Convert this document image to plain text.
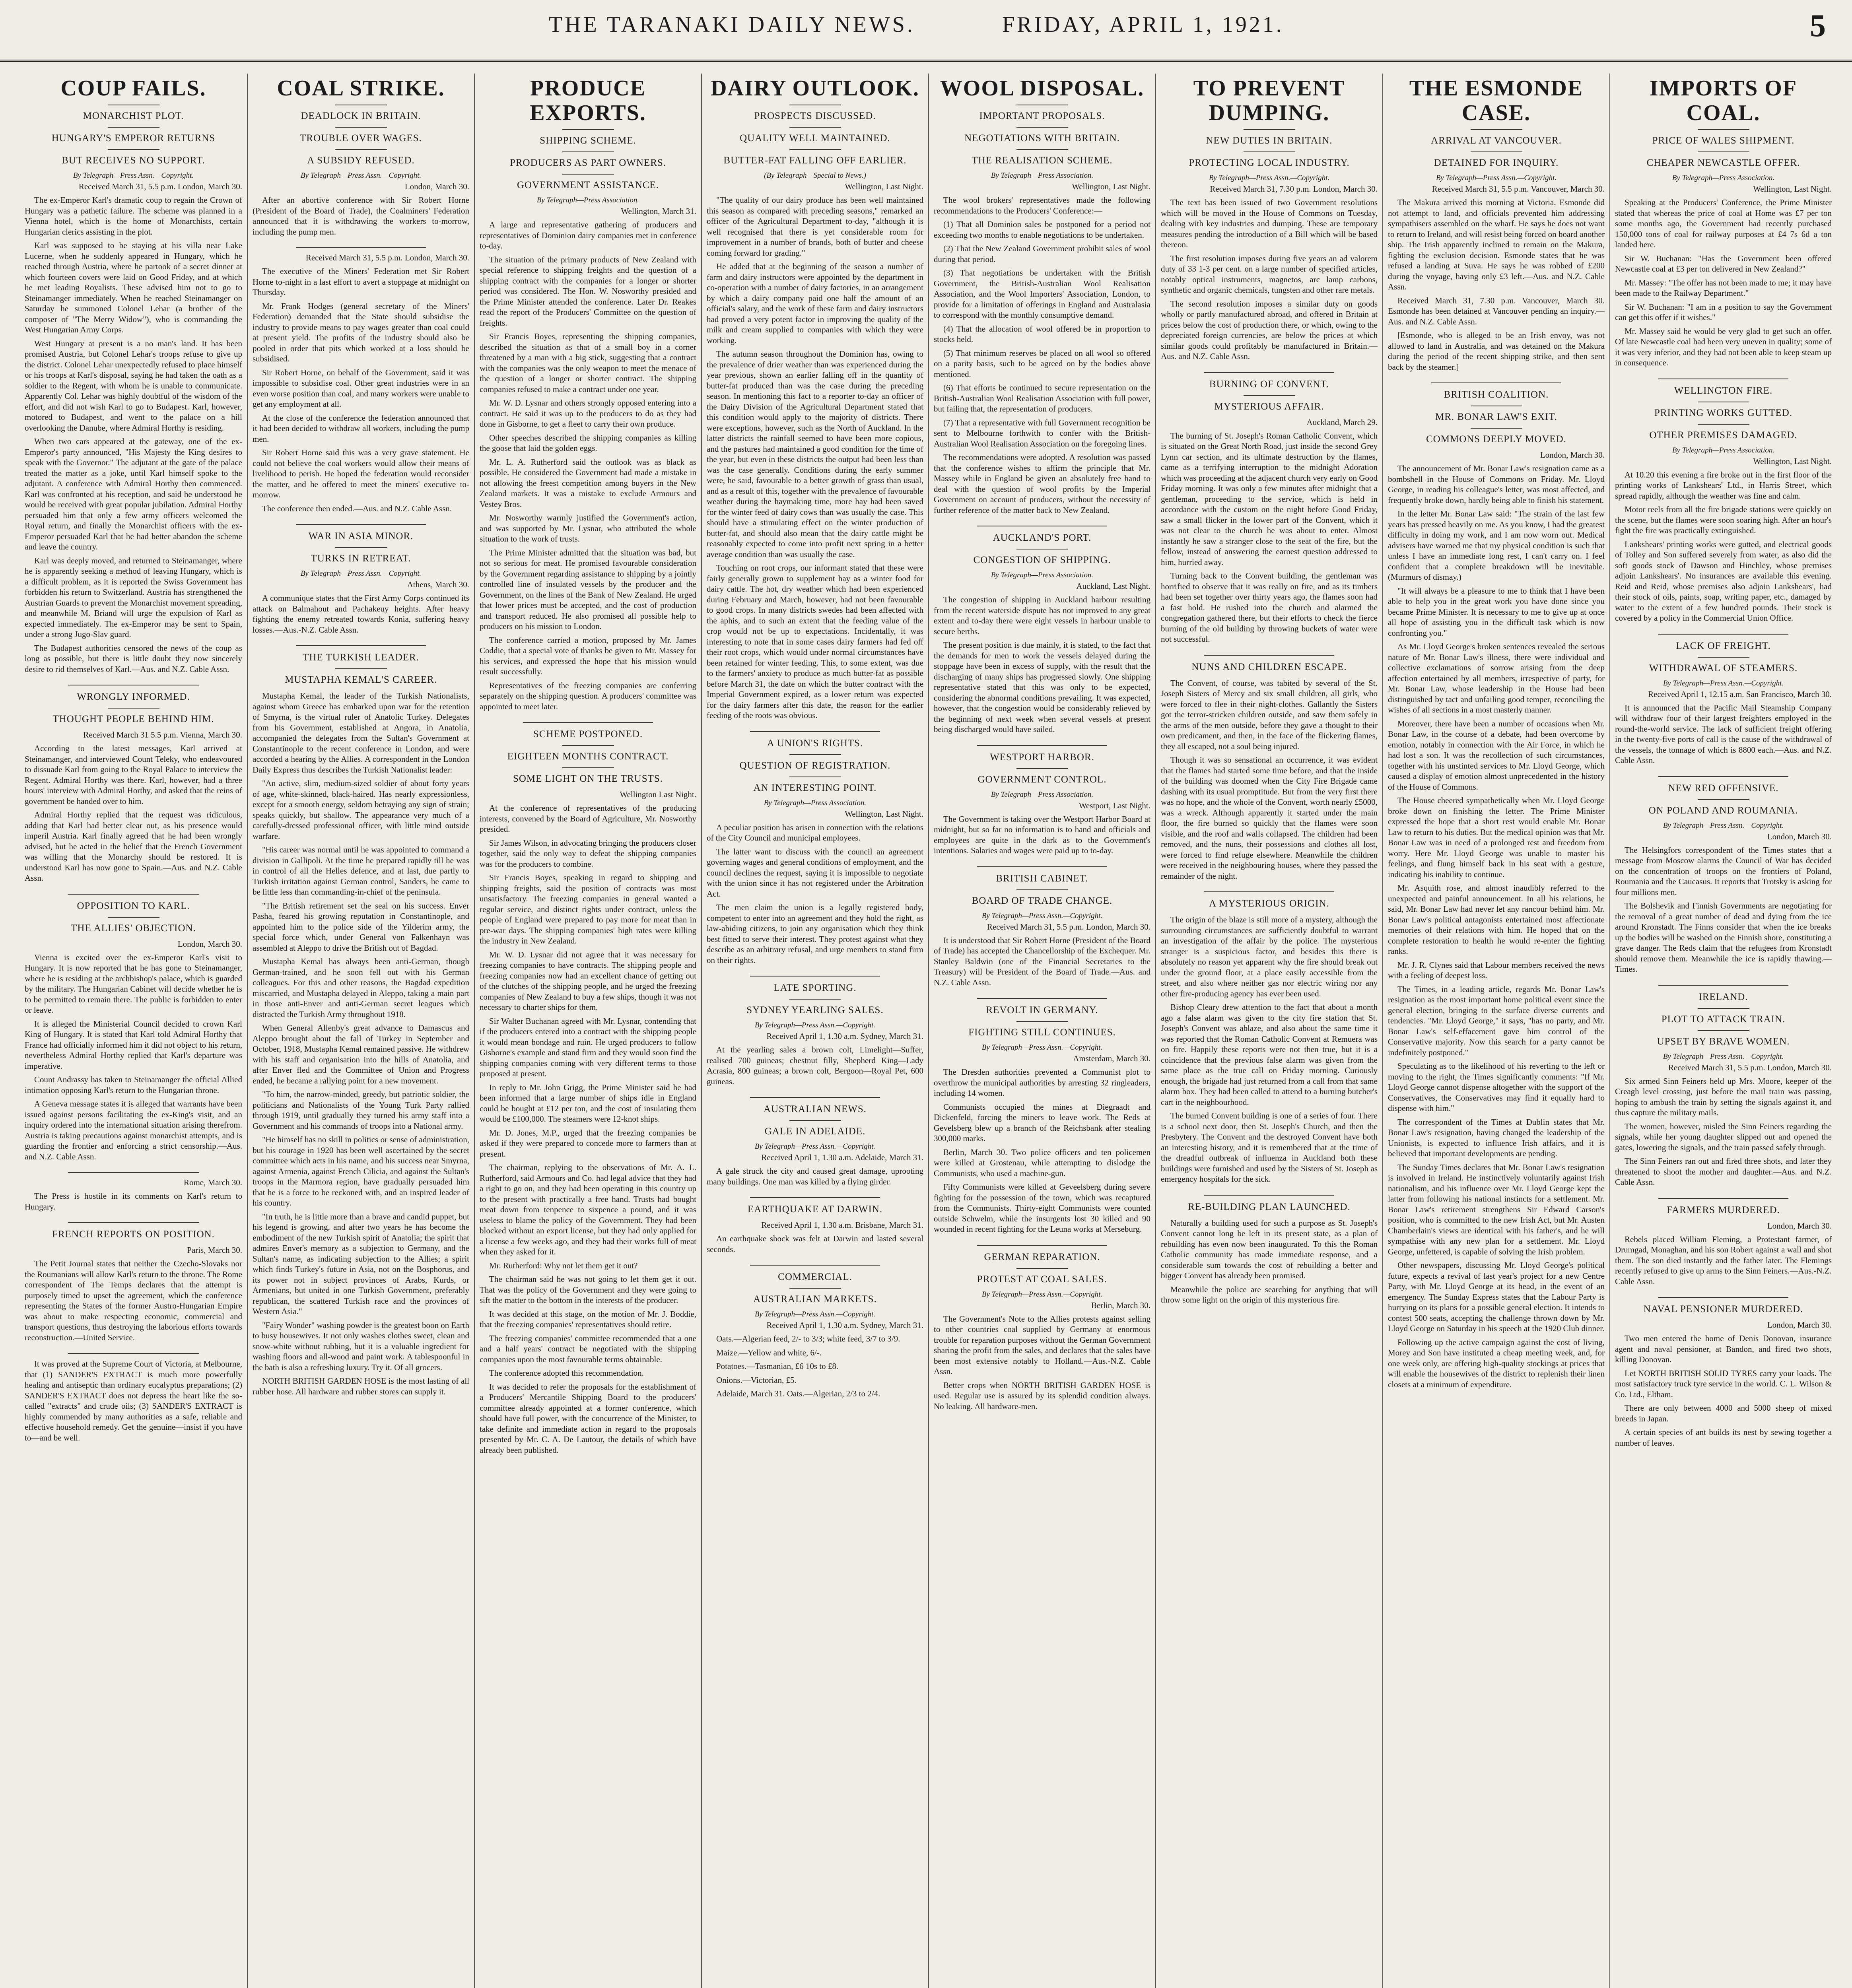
THE TARANAKI DAILY NEWS.	FRIDAY, APRIL 1, 1921.	5
COUP FAILS.
MONARCHIST PLOT.
HUNGARY'S EMPEROR RETURNS
BUT RECEIVES NO SUPPORT.
By Telegraph—Press Assn.—Copyright.
Received March 31, 5.5 p.m. London, March 30.

The ex-Emperor Karl's dramatic coup to regain the Crown of Hungary was a pathetic failure. The scheme was planned in a Vienna hotel, which is the home of Monarchists, certain Hungarian clerics assisting in the plot.

Karl was supposed to be staying at his villa near Lake Lucerne, when he suddenly appeared in Hungary, which he reached through Austria, where he partook of a secret dinner at which fourteen covers were laid on Good Friday, and at which he met leading Royalists. These advised him not to go to Steinamanger immediately. When he reached Steinamanger on Saturday he summoned Colonel Lehar (a brother of the composer of "The Merry Widow"), who is commanding the West Hungarian Army Corps.

West Hungary at present is a no man's land. It has been promised Austria, but Colonel Lehar's troops refuse to give up the district. Colonel Lehar unexpectedly refused to place himself or his troops at Karl's disposal, saying he had taken the oath as a soldier to the Regent, with whom he is unable to communicate. Apparently Col. Lehar was highly doubtful of the wisdom of the effort, and did not wish Karl to go to Budapest. Karl, however, motored to Budapest, and went to the palace on a hill overlooking the Danube, where Admiral Horthy is residing.

When two cars appeared at the gateway, one of the ex-Emperor's party announced, "His Majesty the King desires to speak with the Governor." The adjutant at the gate of the palace treated the matter as a joke, until Karl himself spoke to the adjutant. A conference with Admiral Horthy then commenced. Karl was confronted at his reception, and said he understood he would be received with great popular jubilation. Admiral Horthy persuaded him that only a few army officers welcomed the Royal return, and finally the Monarchist officers with the ex-Emperor persuaded Karl that he had better abandon the scheme and leave the country.

Karl was deeply moved, and returned to Steinamanger, where he is apparently seeking a method of leaving Hungary, which is a difficult problem, as it is reported the Swiss Government has forbidden his return to Switzerland. Austria has strengthened the Austrian Guards to prevent the Monarchist movement spreading, and meanwhile M. Briand will urge the expulsion of Karl as expected immediately. The ex-Emperor may be sent to Spain, under a strong Jugo-Slav guard.

The Budapest authorities censored the news of the coup as long as possible, but there is little doubt they now sincerely desire to rid themselves of Karl.—Aus. and N.Z. Cable Assn.

WRONGLY INFORMED.
THOUGHT PEOPLE BEHIND HIM.
Received March 31 5.5 p.m. Vienna, March 30.

According to the latest messages, Karl arrived at Steinamanger, and interviewed Count Teleky, who endeavoured to dissuade Karl from going to the Royal Palace to interview the Regent. Admiral Horthy was there. Karl, however, had a three hours' interview with Admiral Horthy, and asked that the reins of government be handed over to him.

Admiral Horthy replied that the request was ridiculous, adding that Karl had better clear out, as his presence would imperil Austria. Karl finally agreed that he had been wrongly advised, but he acted in the belief that the French Government was willing that the Monarchy should be restored. It is understood Karl has now gone to Spain.—Aus. and N.Z. Cable Assn.

OPPOSITION TO KARL.
THE ALLIES' OBJECTION.
London, March 30.

Vienna is excited over the ex-Emperor Karl's visit to Hungary. It is now reported that he has gone to Steinamanger, where he is residing at the archbishop's palace, which is guarded by the military. The Hungarian Cabinet will decide whether he is to be permitted to remain there. The public is forbidden to enter or leave.

It is alleged the Ministerial Council decided to crown Karl King of Hungary. It is stated that Karl told Admiral Horthy that France had officially informed him it did not object to his return, nevertheless Admiral Horthy replied that Karl's departure was imperative.

Count Andrassy has taken to Steinamanger the official Allied intimation opposing Karl's return to the Hungarian throne.

A Geneva message states it is alleged that warrants have been issued against persons facilitating the ex-King's visit, and an inquiry ordered into the international situation arising therefrom. Austria is taking precautions against monarchist attempts, and is guarding the frontier and enforcing a strict censorship.—Aus. and N.Z. Cable Assn.

Rome, March 30.

The Press is hostile in its comments on Karl's return to Hungary.

FRENCH REPORTS ON POSITION.
Paris, March 30.

The Petit Journal states that neither the Czecho-Slovaks nor the Roumanians will allow Karl's return to the throne. The Rome correspondent of The Temps declares that the attempt is purposely timed to upset the agreement, which the conference representing the States of the former Austro-Hungarian Empire was about to make respecting economic, commercial and transport questions, thus destroying the laborious efforts towards reconstruction.—United Service.

It was proved at the Supreme Court of Victoria, at Melbourne, that (1) SANDER'S EXTRACT is much more powerfully healing and antiseptic than ordinary eucalyptus preparations; (2) SANDER'S EXTRACT does not depress the heart like the so-called "extracts" and crude oils; (3) SANDER'S EXTRACT is highly commended by many authorities as a safe, reliable and effective household remedy. Get the genuine—insist if you have to—and be well.

COAL STRIKE.
DEADLOCK IN BRITAIN.
TROUBLE OVER WAGES.
A SUBSIDY REFUSED.
By Telegraph—Press Assn.—Copyright.
London, March 30.

After an abortive conference with Sir Robert Horne (President of the Board of Trade), the Coalminers' Federation announced that it is withdrawing the workers to-morrow, including the pump men.

Received March 31, 5.5 p.m. London, March 30.

The executive of the Miners' Federation met Sir Robert Horne to-night in a last effort to avert a stoppage at midnight on Thursday.

Mr. Frank Hodges (general secretary of the Miners' Federation) demanded that the State should subsidise the industry to provide means to pay wages greater than coal could at present yield. The profits of the industry should also be pooled in order that pits which worked at a loss should be subsidised.

Sir Robert Horne, on behalf of the Government, said it was impossible to subsidise coal. Other great industries were in an even worse position than coal, and many workers were unable to get any employment at all.

At the close of the conference the federation announced that it had been decided to withdraw all workers, including the pump men.

Sir Robert Horne said this was a very grave statement. He could not believe the coal workers would allow their means of livelihood to perish. He hoped the federation would reconsider the matter, and he offered to meet the miners' executive to-morrow.

The conference then ended.—Aus. and N.Z. Cable Assn.

WAR IN ASIA MINOR.
TURKS IN RETREAT.
By Telegraph—Press Assn.—Copyright.
Athens, March 30.

A communique states that the First Army Corps continued its attack on Balmahout and Pachakeuy heights. After heavy fighting the enemy retreated towards Konia, suffering heavy losses.—Aus.-N.Z. Cable Assn.

THE TURKISH LEADER.
MUSTAPHA KEMAL'S CAREER.

Mustapha Kemal, the leader of the Turkish Nationalists, against whom Greece has embarked upon war for the retention of Smyrna, is the virtual ruler of Anatolic Turkey. Delegates from his Government, established at Angora, in Anatolia, accompanied the delegates from the Sultan's Government at Constantinople to the recent conference in London, and were accorded a hearing by the Allies. A correspondent in the London Daily Express thus describes the Turkish Nationalist leader:

"An active, slim, medium-sized soldier of about forty years of age, white-skinned, black-haired. Has nearly expressionless, except for a smooth energy, seldom betraying any sign of strain; speaks quickly, but shallow. The appearance very much of a carefully-dressed professional officer, with little mind outside warfare.

"His career was normal until he was appointed to command a division in Gallipoli. At the time he prepared rapidly till he was in control of all the Helles defence, and at last, due partly to Turkish irritation against German control, Sanders, he came to be little less than commanding-in-chief of the peninsula.

"The British retirement set the seal on his success. Enver Pasha, feared his growing reputation in Constantinople, and appointed him to the police side of the Yilderim army, the special force which, under General von Falkenhayn was assembled at Aleppo to drive the British out of Bagdad.

Mustapha Kemal has always been anti-German, though German-trained, and he soon fell out with his German colleagues. For this and other reasons, the Bagdad expedition miscarried, and Mustapha delayed in Aleppo, taking a main part in those anti-Enver and anti-German secret leagues which distracted the Turkish Army throughout 1918.

When General Allenby's great advance to Damascus and Aleppo brought about the fall of Turkey in September and October, 1918, Mustapha Kemal remained passive. He withdrew with his staff and organisation into the hills of Anatolia, and after Enver fled and the Committee of Union and Progress ended, he became a rallying point for a new movement.

"To him, the narrow-minded, greedy, but patriotic soldier, the politicians and Nationalists of the Young Turk Party rallied through 1919, until gradually they turned his army staff into a Government and his commands of troops into a National army.

"He himself has no skill in politics or sense of administration, but his courage in 1920 has been well ascertained by the secret committee which acts in his name, and his success near Smyrna, against Armenia, against French Cilicia, and against the Sultan's troops in the Marmora region, have gradually persuaded him that he is a force to be reckoned with, and an inspired leader of his country.

"In truth, he is little more than a brave and candid puppet, but his legend is growing, and after two years he has become the embodiment of the new Turkish spirit of Anatolia; the spirit that admires Enver's memory as a subjection to Germany, and the Sultan's name, as indicating subjection to the Allies; a spirit which finds Turkey's future in Asia, not on the Bosphorus, and its power not in subject provinces of Arabs, Kurds, or Armenians, but united in one Turkish Government, preferably republican, the scattered Turkish race and the provinces of Western Asia."

"Fairy Wonder" washing powder is the greatest boon on Earth to busy housewives. It not only washes clothes sweet, clean and snow-white without rubbing, but it is a valuable ingredient for washing floors and all-wood and paint work. A tablespoonful in the bath is also a refreshing luxury. Try it. Of all grocers.

NORTH BRITISH GARDEN HOSE is the most lasting of all rubber hose. All hardware and rubber stores can supply it.

PRODUCE EXPORTS.
SHIPPING SCHEME.
PRODUCERS AS PART OWNERS.
GOVERNMENT ASSISTANCE.
By Telegraph—Press Association.
Wellington, March 31.

A large and representative gathering of producers and representatives of Dominion dairy companies met in conference to-day.

The situation of the primary products of New Zealand with special reference to shipping freights and the question of a shipping contract with the companies for a longer or shorter period was considered. The Hon. W. Nosworthy presided and the Prime Minister attended the conference. Later Dr. Reakes read the report of the Producers' Committee on the question of freights.

Sir Francis Boyes, representing the shipping companies, described the situation as that of a small boy in a corner threatened by a man with a big stick, suggesting that a contract with the companies was the only weapon to meet the menace of the question of a longer or shorter contract. The shipping companies refused to make a contract under one year.

Mr. W. D. Lysnar and others strongly opposed entering into a contract. He said it was up to the producers to do as they had done in Gisborne, to get a fleet to carry their own produce.

Other speeches described the shipping companies as killing the goose that laid the golden eggs.

Mr. L. A. Rutherford said the outlook was as black as possible. He considered the Government had made a mistake in not allowing the freest competition among buyers in the New Zealand markets. It was a mistake to exclude Armours and Vestey Bros.

Mr. Nosworthy warmly justified the Government's action, and was supported by Mr. Lysnar, who attributed the whole situation to the work of trusts.

The Prime Minister admitted that the situation was bad, but not so serious for meat. He promised favourable consideration by the Government regarding assistance to shipping by a jointly controlled line of insulated vessels by the producer and the Government, on the lines of the Bank of New Zealand. He urged that lower prices must be accepted, and the cost of production and transport reduced. He also promised all possible help to producers on his mission to London.

The conference carried a motion, proposed by Mr. James Coddie, that a special vote of thanks be given to Mr. Massey for his services, and expressed the hope that his mission would result successfully.

Representatives of the freezing companies are conferring separately on the shipping question. A producers' committee was appointed to meet later.

SCHEME POSTPONED.
EIGHTEEN MONTHS CONTRACT.
SOME LIGHT ON THE TRUSTS.
Wellington Last Night.

At the conference of representatives of the producing interests, convened by the Board of Agriculture, Mr. Nosworthy presided.

Sir James Wilson, in advocating bringing the producers closer together, said the only way to defeat the shipping companies was for the producers to combine.

Sir Francis Boyes, speaking in regard to shipping and shipping freights, said the position of contracts was most unsatisfactory. The freezing companies in general wanted a regular service, and distinct rights under contract, unless the people of England were prepared to pay more for meat than in pre-war days. The shipping companies' high rates were killing the industry in New Zealand.

Mr. W. D. Lysnar did not agree that it was necessary for freezing companies to have contracts. The shipping people and freezing companies now had an excellent chance of getting out of the clutches of the shipping people, and he urged the freezing companies of New Zealand to buy a few ships, though it was not necessary to charter ships for them.

Sir Walter Buchanan agreed with Mr. Lysnar, contending that if the producers entered into a contract with the shipping people it would mean bondage and ruin. He urged producers to follow Gisborne's example and stand firm and they would soon find the shipping companies coming with very different terms to those proposed at present.

In reply to Mr. John Grigg, the Prime Minister said he had been informed that a large number of ships idle in England could be bought at £12 per ton, and the cost of insulating them would be £100,000. The steamers were 12-knot ships.

Mr. D. Jones, M.P., urged that the freezing companies be asked if they were prepared to concede more to farmers than at present.

The chairman, replying to the observations of Mr. A. L. Rutherford, said Armours and Co. had legal advice that they had a right to go on, and they had been operating in this country up to the present with practically a free hand. Trusts had bought meat down from tenpence to sixpence a pound, and it was useless to blame the policy of the Government. They had been blocked without an export license, but they had only applied for a license a few weeks ago, and they had their works full of meat when they asked for it.

Mr. Rutherford: Why not let them get it out?

The chairman said he was not going to let them get it out. That was the policy of the Government and they were going to sift the matter to the bottom in the interests of the producer.

It was decided at this stage, on the motion of Mr. J. Boddie, that the freezing companies' representatives should retire.

The freezing companies' committee recommended that a one and a half years' contract be negotiated with the shipping companies upon the most favourable terms obtainable.

The conference adopted this recommendation.

It was decided to refer the proposals for the establishment of a Producers' Mercantile Shipping Board to the producers' committee already appointed at a former conference, which should have full power, with the concurrence of the Minister, to take definite and immediate action in regard to the proposals presented by Mr. C. A. De Lautour, the details of which have already been published.

DAIRY OUTLOOK.
PROSPECTS DISCUSSED.
QUALITY WELL MAINTAINED.
BUTTER-FAT FALLING OFF EARLIER.
(By Telegraph—Special to News.)
Wellington, Last Night.

"The quality of our dairy produce has been well maintained this season as compared with preceding seasons," remarked an officer of the Agricultural Department to-day, "although it is well recognised that there is yet considerable room for improvement in a number of brands, both of butter and cheese coming forward for grading."

He added that at the beginning of the season a number of farm and dairy instructors were appointed by the department in co-operation with a number of dairy factories, in an arrangement by which a dairy company paid one half the amount of an official's salary, and the work of these farm and dairy instructors had proved a very potent factor in improving the quality of the milk and cream supplied to companies with which they were working.

The autumn season throughout the Dominion has, owing to the prevalence of drier weather than was experienced during the year previous, shown an earlier falling off in the quantity of butter-fat produced than was the case during the preceding season. In mentioning this fact to a reporter to-day an officer of the Dairy Division of the Agricultural Department stated that this condition would apply to the majority of districts. There were exceptions, however, such as the North of Auckland. In the latter districts the rainfall seemed to have been more copious, and the pastures had maintained a good condition for the time of the year, but even in these districts the output had been less than was the case generally. Conditions during the early summer were, he said, favourable to a better growth of grass than usual, and as a result of this, together with the prevalence of favourable weather during the haymaking time, more hay had been saved for the winter feed of dairy cows than was usually the case. This should have a stimulating effect on the winter production of butter-fat, and should also mean that the dairy cattle might be reasonably expected to come into profit next spring in a better average condition than was usually the case.

Touching on root crops, our informant stated that these were fairly generally grown to supplement hay as a winter food for dairy cattle. The hot, dry weather which had been experienced during February and March, however, had not been favourable to good crops. In many districts swedes had been affected with the aphis, and to such an extent that the feeding value of the crop would not be up to expectations. Incidentally, it was interesting to note that in some cases dairy farmers had fed off their root crops, which would under normal circumstances have been retained for winter feeding. This, to some extent, was due to the farmers' anxiety to produce as much butter-fat as possible before March 31, the date on which the butter contract with the Imperial Government expired, as a lower return was expected for the dairy farmers after this date, the reason for the earlier feeding of the roots was obvious.

A UNION'S RIGHTS.
QUESTION OF REGISTRATION.
AN INTERESTING POINT.
By Telegraph—Press Association.
Wellington, Last Night.

A peculiar position has arisen in connection with the relations of the City Council and municipal employees.

The latter want to discuss with the council an agreement governing wages and general conditions of employment, and the council declines the request, saying it is impossible to negotiate with the union since it has not registered under the Arbitration Act.

The men claim the union is a legally registered body, competent to enter into an agreement and they hold the right, as law-abiding citizens, to join any organisation which they think best fitted to serve their interest. They protest against what they describe as an arbitrary refusal, and urge members to stand firm on their rights.

LATE SPORTING.
SYDNEY YEARLING SALES.
By Telegraph—Press Assn.—Copyright.
Received April 1, 1.30 a.m. Sydney, March 31.

At the yearling sales a brown colt, Limelight—Suffer, realised 700 guineas; chestnut filly, Shepherd King—Lady Acrasia, 800 guineas; a brown colt, Bergoon—Royal Pet, 600 guineas.

AUSTRALIAN NEWS.
GALE IN ADELAIDE.
By Telegraph—Press Assn.—Copyright.
Received April 1, 1.30 a.m. Adelaide, March 31.

A gale struck the city and caused great damage, uprooting many buildings. One man was killed by a flying girder.

EARTHQUAKE AT DARWIN.
Received April 1, 1.30 a.m. Brisbane, March 31.

An earthquake shock was felt at Darwin and lasted several seconds.

COMMERCIAL.
AUSTRALIAN MARKETS.
By Telegraph—Press Assn.—Copyright.
Received April 1, 1.30 a.m. Sydney, March 31.

Oats.—Algerian feed, 2/- to 3/3; white feed, 3/7 to 3/9.

Maize.—Yellow and white, 6/-.

Potatoes.—Tasmanian, £6 10s to £8.

Onions.—Victorian, £5.

Adelaide, March 31. Oats.—Algerian, 2/3 to 2/4.

WOOL DISPOSAL.
IMPORTANT PROPOSALS.
NEGOTIATIONS WITH BRITAIN.
THE REALISATION SCHEME.
By Telegraph—Press Association.
Wellington, Last Night.

The wool brokers' representatives made the following recommendations to the Producers' Conference:—

(1) That all Dominion sales be postponed for a period not exceeding two months to enable negotiations to be undertaken.

(2) That the New Zealand Government prohibit sales of wool during that period.

(3) That negotiations be undertaken with the British Government, the British-Australian Wool Realisation Association, and the Wool Importers' Association, London, to provide for a limitation of offerings in England and Australasia to correspond with the monthly consumptive demand.

(4) That the allocation of wool offered be in proportion to stocks held.

(5) That minimum reserves be placed on all wool so offered on a parity basis, such to be agreed on by the bodies above mentioned.

(6) That efforts be continued to secure representation on the British-Australian Wool Realisation Association with full power, but failing that, the representation of producers.

(7) That a representative with full Government recognition be sent to Melbourne forthwith to confer with the British-Australian Wool Realisation Association on the foregoing lines.

The recommendations were adopted. A resolution was passed that the conference wishes to affirm the principle that Mr. Massey while in England be given an absolutely free hand to deal with the question of wool profits by the Imperial Government on account of producers, without the necessity of further reference of the matter back to New Zealand.

AUCKLAND'S PORT.
CONGESTION OF SHIPPING.
By Telegraph—Press Association.
Auckland, Last Night.

The congestion of shipping in Auckland harbour resulting from the recent waterside dispute has not improved to any great extent and to-day there were eight vessels in harbour unable to secure berths.

The present position is due mainly, it is stated, to the fact that the demands for men to work the vessels delayed during the stoppage have been in excess of supply, with the result that the discharging of many ships has progressed slowly. One shipping representative stated that this was only to be expected, considering the abnormal conditions prevailing. It was expected, however, that the congestion would be considerably relieved by the beginning of next week when several vessels at present being discharged would have sailed.

WESTPORT HARBOR.
GOVERNMENT CONTROL.
By Telegraph—Press Association.
Westport, Last Night.

The Government is taking over the Westport Harbor Board at midnight, but so far no information is to hand and officials and employees are quite in the dark as to the Government's intentions. Salaries and wages were paid up to to-day.

BRITISH CABINET.
BOARD OF TRADE CHANGE.
By Telegraph—Press Assn.—Copyright.
Received March 31, 5.5 p.m. London, March 30.

It is understood that Sir Robert Horne (President of the Board of Trade) has accepted the Chancellorship of the Exchequer. Mr. Stanley Baldwin (one of the Financial Secretaries to the Treasury) will be President of the Board of Trade.—Aus. and N.Z. Cable Assn.

REVOLT IN GERMANY.
FIGHTING STILL CONTINUES.
By Telegraph—Press Assn.—Copyright.
Amsterdam, March 30.

The Dresden authorities prevented a Communist plot to overthrow the municipal authorities by arresting 32 ringleaders, including 14 women.

Communists occupied the mines at Diegraadt and Dickenfeld, forcing the miners to leave work. The Reds at Gevelsberg blew up a branch of the Reichsbank after stealing 300,000 marks.

Berlin, March 30. Two police officers and ten policemen were killed at Grostenau, while attempting to dislodge the Communists, who used a machine-gun.

Fifty Communists were killed at Geveelsberg during severe fighting for the possession of the town, which was recaptured from the Communists. Thirty-eight Communists were counted outside Schwelm, while the insurgents lost 30 killed and 90 wounded in recent fighting for the Leuna works at Merseburg.

GERMAN REPARATION.
PROTEST AT COAL SALES.
By Telegraph—Press Assn.—Copyright.
Berlin, March 30.

The Government's Note to the Allies protests against selling to other countries coal supplied by Germany at enormous trouble for reparation purposes without the German Government sharing the profit from the sales, and declares that the sales have been most extensive notably to Holland.—Aus.-N.Z. Cable Assn.

Better crops when NORTH BRITISH GARDEN HOSE is used. Regular use is assured by its splendid condition always. No leaking. All hardware-men.

TO PREVENT DUMPING.
NEW DUTIES IN BRITAIN.
PROTECTING LOCAL INDUSTRY.
By Telegraph—Press Assn.—Copyright.
Received March 31, 7.30 p.m. London, March 30.

The text has been issued of two Government resolutions which will be moved in the House of Commons on Tuesday, dealing with key industries and dumping. These are temporary measures pending the introduction of a Bill which will be based thereon.

The first resolution imposes during five years an ad valorem duty of 33 1-3 per cent. on a large number of specified articles, notably optical instruments, magnetos, arc lamp carbons, synthetic and organic chemicals, tungsten and other rare metals.

The second resolution imposes a similar duty on goods wholly or partly manufactured abroad, and offered in Britain at prices below the cost of production there, or which, owing to the depreciated foreign currencies, are below the prices at which similar goods could profitably be manufactured in Britain.—Aus. and N.Z. Cable Assn.

BURNING OF CONVENT.
MYSTERIOUS AFFAIR.
Auckland, March 29.

The burning of St. Joseph's Roman Catholic Convent, which is situated on the Great North Road, just inside the second Grey Lynn car section, and its ultimate destruction by the flames, came as a terrifying interruption to the midnight Adoration which was proceeding at the adjacent church very early on Good Friday morning. It was only a few minutes after midnight that a gentleman, proceeding to the service, which is held in accordance with the custom on the night before Good Friday, saw a small flicker in the lower part of the Convent, which it was not clear to the church he was about to enter. Almost instantly he saw a stranger close to the seat of the fire, but the fellow, instead of answering the earnest question addressed to him, hurried away.

Turning back to the Convent building, the gentleman was horrified to observe that it was really on fire, and as its timbers had been set together over thirty years ago, the flames soon had a fast hold. He rushed into the church and alarmed the congregation gathered there, but their efforts to check the fierce burning of the old building by throwing buckets of water were not successful.

NUNS AND CHILDREN ESCAPE.

The Convent, of course, was tabited by several of the St. Joseph Sisters of Mercy and six small children, all girls, who were forced to flee in their night-clothes. Gallantly the Sisters got the terror-stricken children outside, and saw them safely in the arms of the men outside, before they gave a thought to their own predicament, and then, in the face of the flickering flames, they all escaped, not a soul being injured.

Though it was so sensational an occurrence, it was evident that the flames had started some time before, and that the inside of the building was doomed when the City Fire Brigade came dashing with its usual promptitude. But from the very first there was no hope, and the whole of the Convent, worth nearly £5000, was a wreck. Although apparently it started under the main floor, the fire burned so quickly that the flames were soon visible, and the roof and walls collapsed. The children had been removed, and the nuns, their possessions and clothes all lost, were forced to find refuge elsewhere. Meanwhile the children were received in the neighbouring houses, where they passed the remainder of the night.

A MYSTERIOUS ORIGIN.

The origin of the blaze is still more of a mystery, although the surrounding circumstances are sufficiently doubtful to warrant an investigation of the affair by the police. The mysterious stranger is a suspicious factor, and besides this there is absolutely no reason yet apparent why the fire should break out under the ground floor, at a place easily accessible from the street, and also where neither gas nor electric wiring nor any other fire-producing agency has ever been used.

Bishop Cleary drew attention to the fact that about a month ago a false alarm was given to the city fire station that St. Joseph's Convent was ablaze, and also about the same time it was reported that the Roman Catholic Convent at Remuera was on fire. Happily these reports were not then true, but it is a coincidence that the previous false alarm was given from the same place as the true call on Friday morning. Curiously enough, the brigade had just returned from a call from that same alarm box. They had been called to attend to a burning butcher's cart in the neighbourhood.

The burned Convent building is one of a series of four. There is a school next door, then St. Joseph's Church, and then the Presbytery. The Convent and the destroyed Convent have both an interesting history, and it is remembered that at the time of the dreadful outbreak of influenza in Auckland both these buildings were furnished and used by the Sisters of St. Joseph as emergency hospitals for the sick.

RE-BUILDING PLAN LAUNCHED.

Naturally a building used for such a purpose as St. Joseph's Convent cannot long be left in its present state, as a plan of rebuilding has even now been inaugurated. To this the Roman Catholic community has made immediate response, and a considerable sum towards the cost of rebuilding a better and bigger Convent has already been promised.

Meanwhile the police are searching for anything that will throw some light on the origin of this mysterious fire.

THE ESMONDE CASE.
ARRIVAL AT VANCOUVER.
DETAINED FOR INQUIRY.
By Telegraph—Press Assn.—Copyright.
Received March 31, 5.5 p.m. Vancouver, March 30.

The Makura arrived this morning at Victoria. Esmonde did not attempt to land, and officials prevented him addressing sympathisers assembled on the wharf. He says he does not want to return to Ireland, and will resist being forced on board another ship. The Irish apparently inclined to remain on the Makura, fighting the exclusion decision. Esmonde states that he was refused a landing at Suva. He says he was robbed of £200 during the voyage, having only £3 left.—Aus. and N.Z. Cable Assn.

Received March 31, 7.30 p.m. Vancouver, March 30. Esmonde has been detained at Vancouver pending an inquiry.—Aus. and N.Z. Cable Assn.

[Esmonde, who is alleged to be an Irish envoy, was not allowed to land in Australia, and was detained on the Makura during the period of the recent shipping strike, and then sent back by the steamer.]

BRITISH COALITION.
MR. BONAR LAW'S EXIT.
COMMONS DEEPLY MOVED.
London, March 30.

The announcement of Mr. Bonar Law's resignation came as a bombshell in the House of Commons on Friday. Mr. Lloyd George, in reading his colleague's letter, was most affected, and frequently broke down, hardly being able to finish his statement.

In the letter Mr. Bonar Law said: "The strain of the last few years has pressed heavily on me. As you know, I had the greatest difficulty in doing my work, and I am now worn out. Medical advisers have warned me that my physical condition is such that unless I have an immediate long rest, I can't carry on. I feel confident that a complete breakdown will be inevitable. (Murmurs of dismay.)

"It will always be a pleasure to me to think that I have been able to help you in the great work you have done since you became Prime Minister. It is necessary to me to give up at once all hope of assisting you in the difficult task which is now confronting you."

As Mr. Lloyd George's broken sentences revealed the serious nature of Mr. Bonar Law's illness, there were individual and collective exclamations of sorrow arising from the deep affection entertained by all members, irrespective of party, for Mr. Bonar Law, whose leadership in the House had been distinguished by tact and unfailing good temper, reconciling the wishes of all sections in a most masterly manner.

Moreover, there have been a number of occasions when Mr. Bonar Law, in the course of a debate, had been overcome by emotion, notably in connection with the Air Force, in which he had lost a son. It was the recollection of such circumstances, together with his unstinted services to Mr. Lloyd George, which caused a display of emotion almost unprecedented in the history of the House of Commons.

The House cheered sympathetically when Mr. Lloyd George broke down on finishing the letter. The Prime Minister expressed the hope that a short rest would enable Mr. Bonar Law to return to his duties. But the medical opinion was that Mr. Bonar Law was in need of a prolonged rest and freedom from worry. Here Mr. Lloyd George was unable to master his feelings, and flung himself back in his seat with a gesture, indicating his inability to continue.

Mr. Asquith rose, and almost inaudibly referred to the unexpected and painful announcement. In all his relations, he said, Mr. Bonar Law had never let any rancour behind him. Mr. Bonar Law's political antagonists entertained most affectionate memories of their relations with him. He hoped that on the complete restoration to health he would re-enter the fighting ranks.

Mr. J. R. Clynes said that Labour members received the news with a feeling of deepest loss.

The Times, in a leading article, regards Mr. Bonar Law's resignation as the most important home political event since the general election, bringing to the surface diverse currents and tendencies. "Mr. Lloyd George," it says, "has no party, and Mr. Bonar Law's self-effacement gave him control of the Conservative majority. Now this search for a party cannot be indefinitely postponed."

Speculating as to the likelihood of his reverting to the left or moving to the right, the Times significantly comments: "If Mr. Lloyd George cannot dispense altogether with the support of the Conservatives, the Conservatives may find it equally hard to dispense with him."

The correspondent of the Times at Dublin states that Mr. Bonar Law's resignation, having changed the leadership of the Unionists, is expected to influence Irish affairs, and it is believed that important developments are pending.

The Sunday Times declares that Mr. Bonar Law's resignation is involved in Ireland. He instinctively voluntarily against Irish nationalism, and his influence over Mr. Lloyd George kept the latter from following his national instincts for a settlement. Mr. Bonar Law's retirement strengthens Sir Edward Carson's position, who is committed to the new Irish Act, but Mr. Austen Chamberlain's views are identical with his father's, and he will sympathise with any new plan for a settlement. Mr. Lloyd George, unfettered, is capable of solving the Irish problem.

Other newspapers, discussing Mr. Lloyd George's political future, expects a revival of last year's project for a new Centre Party, with Mr. Lloyd George at its head, in the event of an emergency. The Sunday Express states that the Labour Party is hurrying on its plans for a possible general election. It intends to contest 500 seats, accepting the challenge thrown down by Mr. Lloyd George on Saturday in his speech at the 1920 Club dinner.

Following up the active campaign against the cost of living, Morey and Son have instituted a cheap meeting week, and, for one week only, are offering high-quality stockings at prices that will enable the housewives of the district to replenish their linen closets at a minimum of expenditure.

IMPORTS OF COAL.
PRICE OF WALES SHIPMENT.
CHEAPER NEWCASTLE OFFER.
By Telegraph—Press Association.
Wellington, Last Night.

Speaking at the Producers' Conference, the Prime Minister stated that whereas the price of coal at Home was £7 per ton some months ago, the Government had recently purchased 150,000 tons of coal for railway purposes at £4 7s 6d a ton landed here.

Sir W. Buchanan: "Has the Government been offered Newcastle coal at £3 per ton delivered in New Zealand?"

Mr. Massey: "The offer has not been made to me; it may have been made to the Railway Department."

Sir W. Buchanan: "I am in a position to say the Government can get this offer if it wishes."

Mr. Massey said he would be very glad to get such an offer. Of late Newcastle coal had been very uneven in quality; some of it was very inferior, and they had not been able to keep steam up in consequence.

WELLINGTON FIRE.
PRINTING WORKS GUTTED.
OTHER PREMISES DAMAGED.
By Telegraph—Press Association.
Wellington, Last Night.

At 10.20 this evening a fire broke out in the first floor of the printing works of Lankshears' Ltd., in Harris Street, which spread rapidly, although the weather was fine and calm.

Motor reels from all the fire brigade stations were quickly on the scene, but the flames were soon soaring high. After an hour's fight the fire was practically extinguished.

Lankshears' printing works were gutted, and electrical goods of Tolley and Son suffered severely from water, as also did the soft goods stock of Dawson and Hinchley, whose premises adjoin Lankshears'. No insurances are available this evening. Reid and Reid, whose premises also adjoin Lankshears', had their stock of oils, paints, soap, writing paper, etc., damaged by water to the extent of a few hundred pounds. Their stock is covered by a policy in the Commercial Union Office.

LACK OF FREIGHT.
WITHDRAWAL OF STEAMERS.
By Telegraph—Press Assn.—Copyright.
Received April 1, 12.15 a.m. San Francisco, March 30.

It is announced that the Pacific Mail Steamship Company will withdraw four of their largest freighters employed in the round-the-world service. The lack of sufficient freight offering in the twenty-five ports of call is the cause of the withdrawal of the vessels, the tonnage of which is 8800 each.—Aus. and N.Z. Cable Assn.

NEW RED OFFENSIVE.
ON POLAND AND ROUMANIA.
By Telegraph—Press Assn.—Copyright.
London, March 30.

The Helsingfors correspondent of the Times states that a message from Moscow alarms the Council of War has decided on the concentration of troops on the frontiers of Poland, Roumania and the Caucasus. It reports that Trotsky is asking for four millions men.

The Bolshevik and Finnish Governments are negotiating for the removal of a great number of dead and dying from the ice around Kronstadt. The Finns consider that when the ice breaks up the bodies will be washed on the Finnish shore, constituting a grave danger. The Reds claim that the refugees from Kronstadt should remove them. Meanwhile the ice is rapidly thawing.—Times.

IRELAND.
PLOT TO ATTACK TRAIN.
UPSET BY BRAVE WOMEN.
By Telegraph—Press Assn.—Copyright.
Received March 31, 5.5 p.m. London, March 30.

Six armed Sinn Feiners held up Mrs. Moore, keeper of the Creagh level crossing, just before the mail train was passing, hoping to ambush the train by setting the signals against it, and thus capture the military mails.

The women, however, misled the Sinn Feiners regarding the signals, while her young daughter slipped out and opened the gates, lowering the signals, and the train passed safely through.

The Sinn Feiners ran out and fired three shots, and later they threatened to shoot the mother and daughter.—Aus. and N.Z. Cable Assn.

FARMERS MURDERED.
London, March 30.

Rebels placed William Fleming, a Protestant farmer, of Drumgad, Monaghan, and his son Robert against a wall and shot them. The son died instantly and the father later. The Flemings recently refused to give up arms to the Sinn Feiners.—Aus.-N.Z. Cable Assn.

NAVAL PENSIONER MURDERED.
London, March 30.

Two men entered the home of Denis Donovan, insurance agent and naval pensioner, at Bandon, and fired two shots, killing Donovan.

Let NORTH BRITISH SOLID TYRES carry your loads. The most satisfactory truck tyre service in the world. C. L. Wilson & Co. Ltd., Eltham.

There are only between 4000 and 5000 sheep of mixed breeds in Japan.

A certain species of ant builds its nest by sewing together a number of leaves.
